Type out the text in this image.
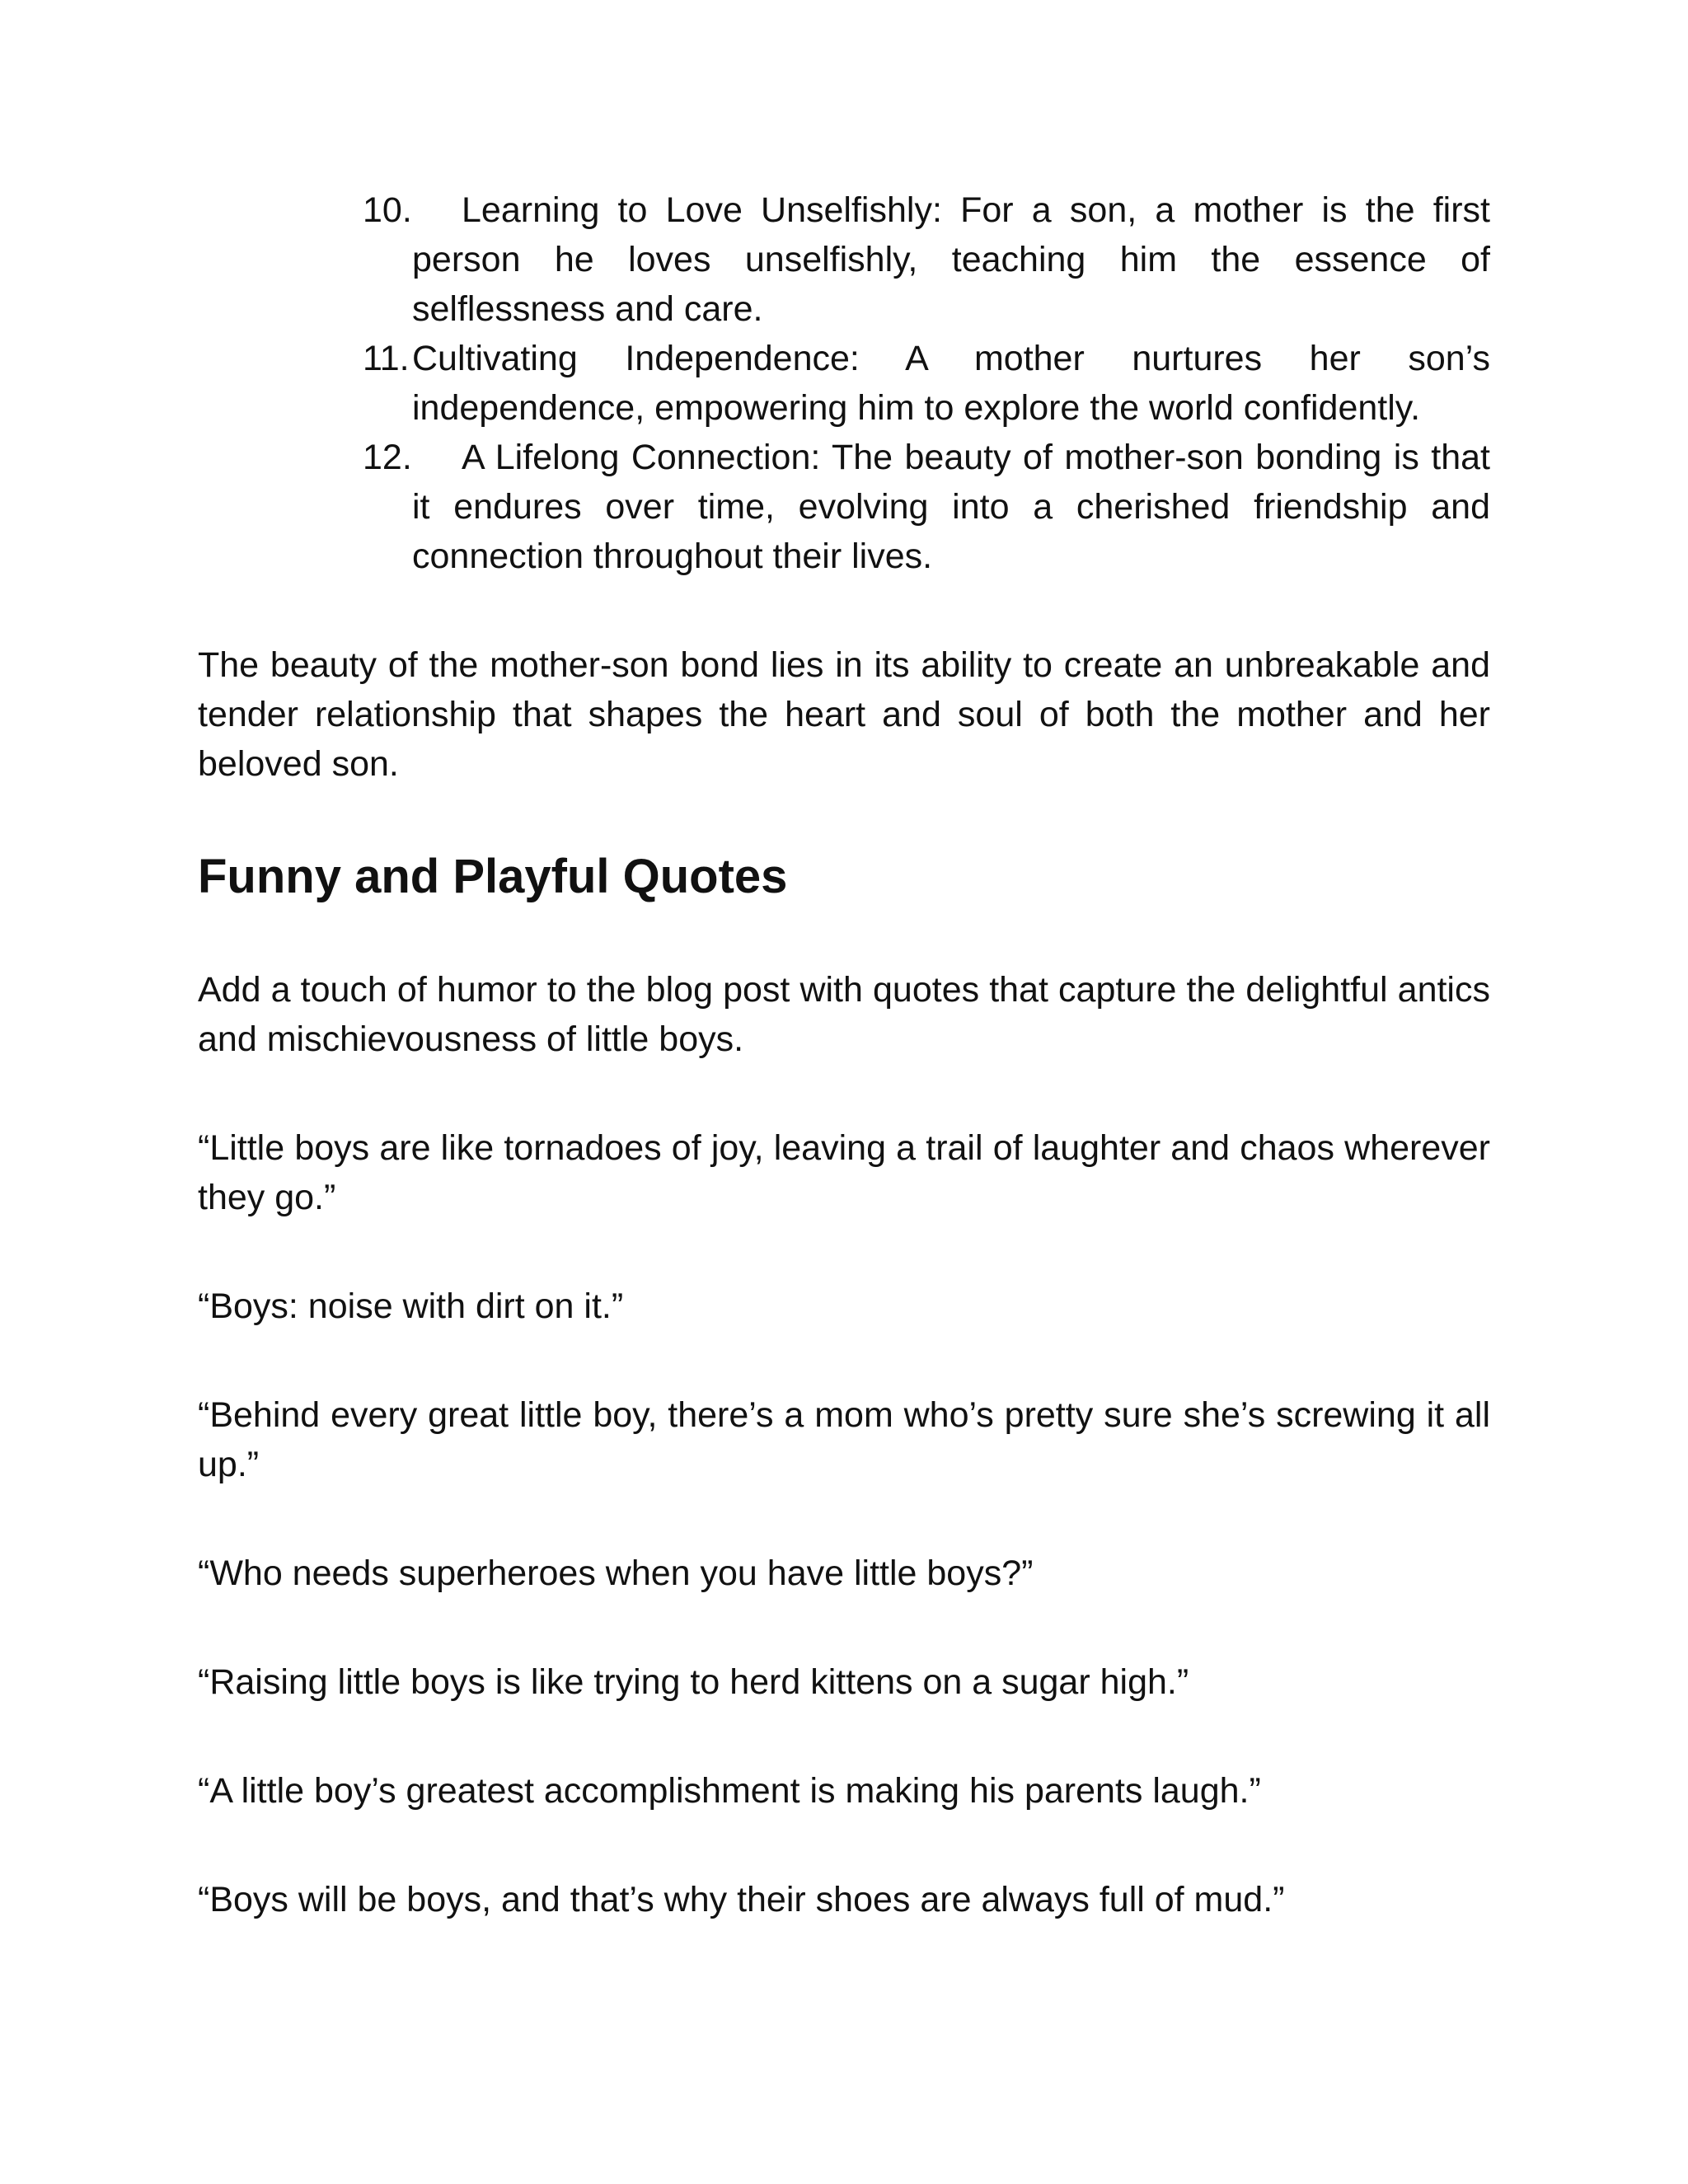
10. Learning to Love Unselfishly: For a son, a mother is the first person he loves unselfishly, teaching him the essence of selflessness and care.
11.Cultivating Independence: A mother nurtures her son’s independence, empowering him to explore the world confidently.
12. A Lifelong Connection: The beauty of mother-son bonding is that it endures over time, evolving into a cherished friendship and connection throughout their lives.

The beauty of the mother-son bond lies in its ability to create an unbreakable and tender relationship that shapes the heart and soul of both the mother and her beloved son.

Funny and Playful Quotes

Add a touch of humor to the blog post with quotes that capture the delightful antics and mischievousness of little boys.

“Little boys are like tornadoes of joy, leaving a trail of laughter and chaos wherever they go.”

“Boys: noise with dirt on it.”

“Behind every great little boy, there’s a mom who’s pretty sure she’s screwing it all up.”

“Who needs superheroes when you have little boys?”

“Raising little boys is like trying to herd kittens on a sugar high.”

“A little boy’s greatest accomplishment is making his parents laugh.”

“Boys will be boys, and that’s why their shoes are always full of mud.”
